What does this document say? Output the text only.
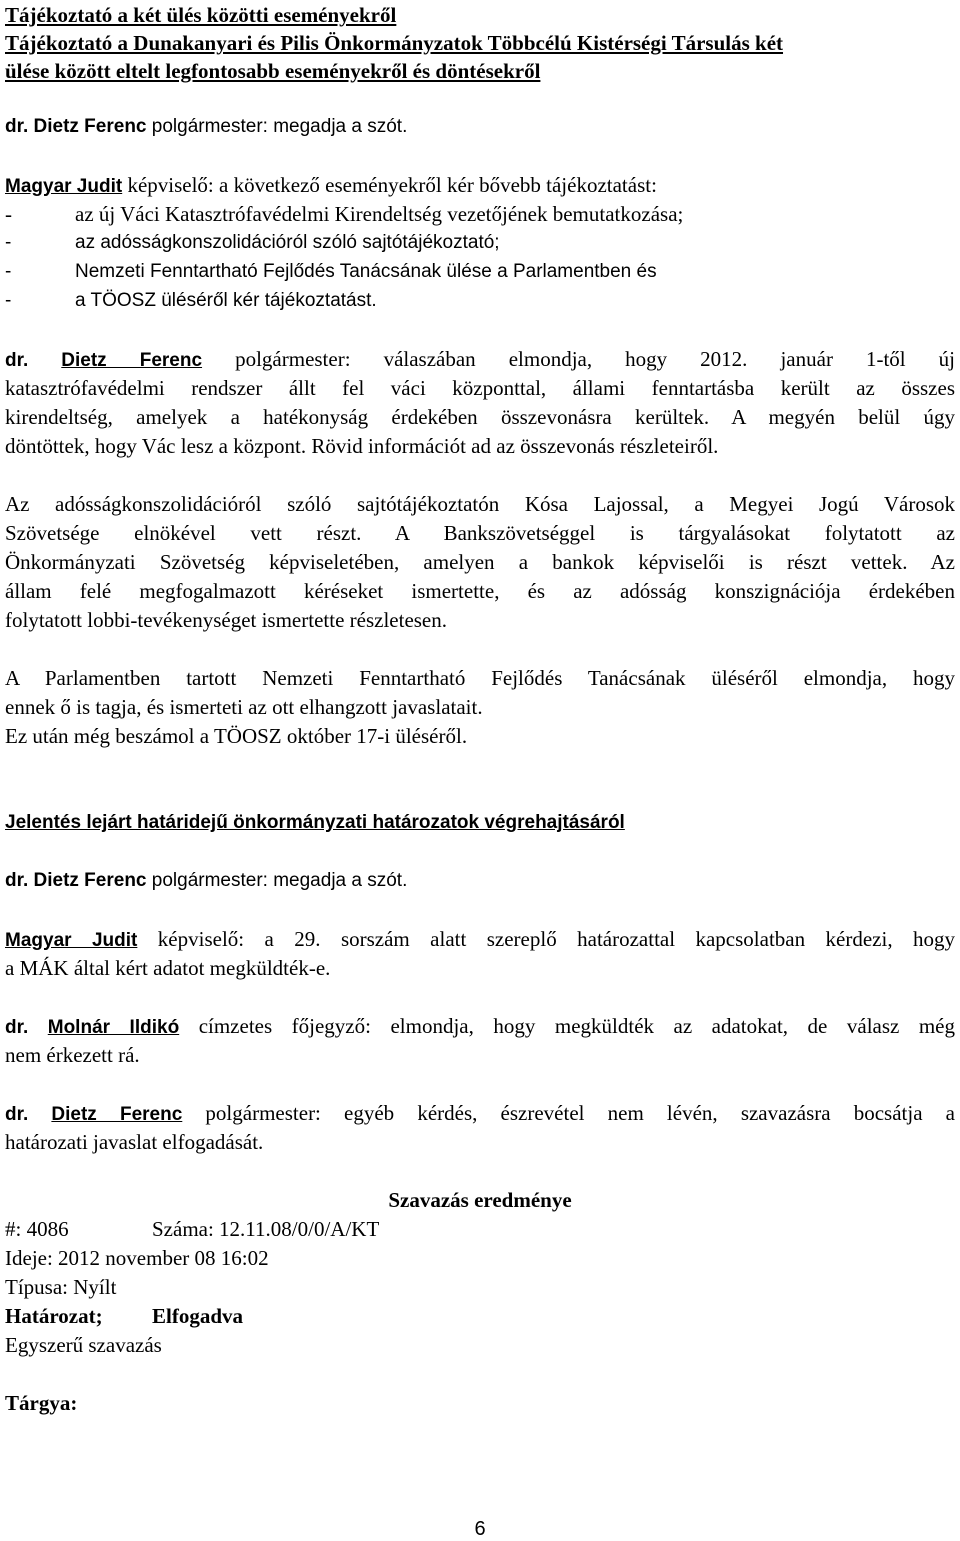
Tájékoztató a két ülés közötti eseményekről
Tájékoztató a Dunakanyari és Pilis Önkormányzatok Többcélú Kistérségi Társulás két
ülése között eltelt legfontosabb eseményekről és döntésekről
dr. Dietz Ferenc polgármester: megadja a szót.
Magyar Judit képviselő: a következő eseményekről kér bővebb tájékoztatást:
-	az új Váci Katasztrófavédelmi Kirendeltség vezetőjének bemutatkozása;
-	az adósságkonszolidációról szóló sajtótájékoztató;
-	Nemzeti Fenntartható Fejlődés Tanácsának ülése a Parlamentben és
-	a TÖOSZ üléséről kér tájékoztatást.
dr. Dietz Ferenc polgármester: válaszában elmondja, hogy 2012. január 1-től új
katasztrófavédelmi rendszer állt fel váci központtal, állami fenntartásba került az összes
kirendeltség, amelyek a hatékonyság érdekében összevonásra kerültek. A megyén belül úgy
döntöttek, hogy Vác lesz a központ. Rövid információt ad az összevonás részleteiről.
Az adósságkonszolidációról szóló sajtótájékoztatón Kósa Lajossal, a Megyei Jogú Városok
Szövetsége elnökével vett részt. A Bankszövetséggel is tárgyalásokat folytatott az
Önkormányzati Szövetség képviseletében, amelyen a bankok képviselői is részt vettek. Az
állam felé megfogalmazott kéréseket ismertette, és az adósság konszignációja érdekében
folytatott lobbi-tevékenységet ismertette részletesen.
A Parlamentben tartott Nemzeti Fenntartható Fejlődés Tanácsának üléséről elmondja, hogy
ennek ő is tagja, és ismerteti az ott elhangzott javaslatait.
Ez után még beszámol a TÖOSZ október 17-i üléséről.
Jelentés lejárt határidejű önkormányzati határozatok végrehajtásáról
dr. Dietz Ferenc polgármester: megadja a szót.
Magyar Judit képviselő: a 29. sorszám alatt szereplő határozattal kapcsolatban kérdezi, hogy
a MÁK által kért adatot megküldték-e.
dr. Molnár Ildikó címzetes főjegyző: elmondja, hogy megküldték az adatokat, de válasz még
nem érkezett rá.
dr. Dietz Ferenc polgármester: egyéb kérdés, észrevétel nem lévén, szavazásra bocsátja a
határozati javaslat elfogadását.
Szavazás eredménye
#: 4086	Száma: 12.11.08/0/0/A/KT
Ideje: 2012 november 08 16:02
Típusa: Nyílt
Határozat; Elfogadva
Egyszerű szavazás
Tárgya:
6
